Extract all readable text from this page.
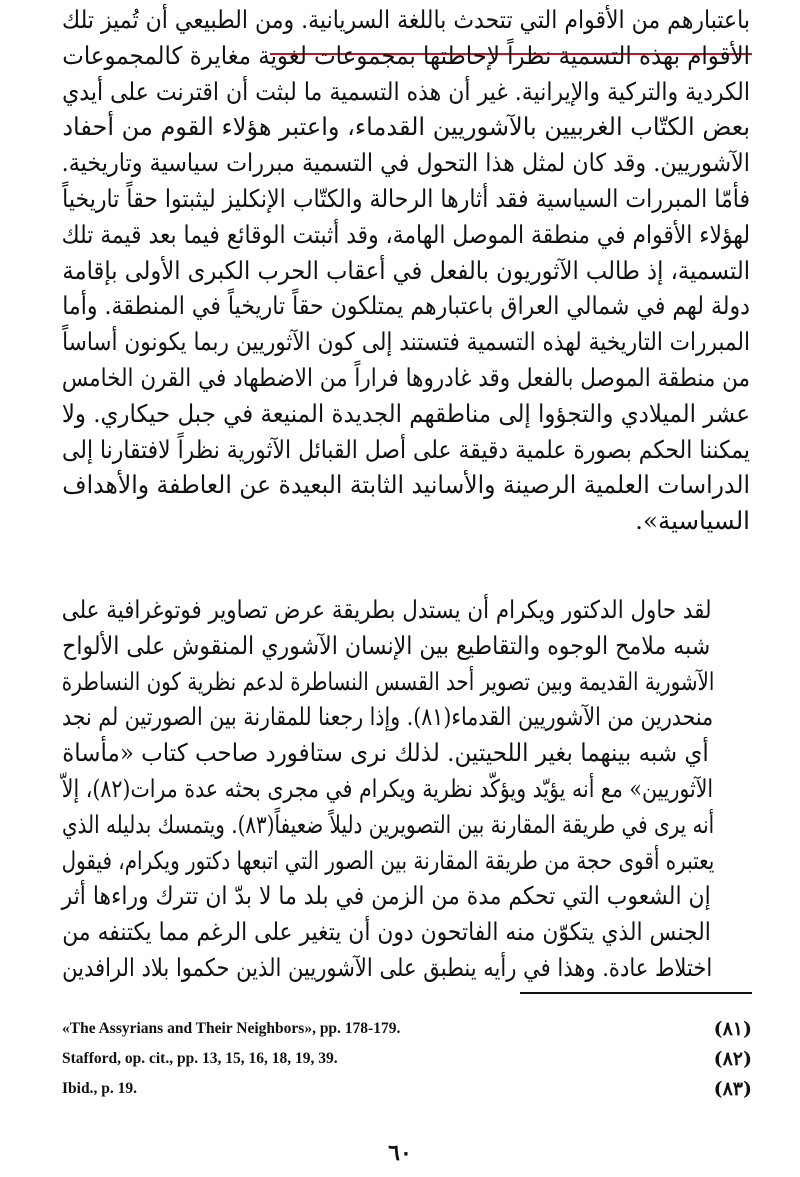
باعتبارهم من الأقوام التي تتحدث باللغة السريانية. ومن الطبيعي أن تُميز تلك
الأقوام بهذه التسمية نظراً لإحاطتها بمجموعات لغوية مغايرة كالمجموعات
الكردية والتركية والإيرانية. غير أن هذه التسمية ما لبثت أن اقترنت على أيدي
بعض الكتّاب الغربيين بالآشوريين القدماء، واعتبر هؤلاء القوم من أحفاد
الآشوريين. وقد كان لمثل هذا التحول في التسمية مبررات سياسية وتاريخية.
فأمّا المبررات السياسية فقد أثارها الرحالة والكتّاب الإنكليز ليثبتوا حقاً تاريخياً
لهؤلاء الأقوام في منطقة الموصل الهامة، وقد أثبتت الوقائع فيما بعد قيمة تلك
التسمية، إذ طالب الآثوريون بالفعل في أعقاب الحرب الكبرى الأولى بإقامة
دولة لهم في شمالي العراق باعتبارهم يمتلكون حقاً تاريخياً في المنطقة. وأما
المبررات التاريخية لهذه التسمية فتستند إلى كون الآثوريين ربما يكونون أساساً
من منطقة الموصل بالفعل وقد غادروها فراراً من الاضطهاد في القرن الخامس
عشر الميلادي والتجؤوا إلى مناطقهم الجديدة المنيعة في جبل حيكاري. ولا
يمكننا الحكم بصورة علمية دقيقة على أصل القبائل الآثورية نظراً لافتقارنا إلى
الدراسات العلمية الرصينة والأسانيد الثابتة البعيدة عن العاطفة والأهداف
السياسية».
لقد حاول الدكتور ويكرام أن يستدل بطريقة عرض تصاوير فوتوغرافية على
شبه ملامح الوجوه والتقاطيع بين الإنسان الآشوري المنقوش على الألواح
الآشورية القديمة وبين تصوير أحد القسس النساطرة لدعم نظرية كون النساطرة
منحدرين من الآشوريين القدماء(٨١). وإذا رجعنا للمقارنة بين الصورتين لم نجد
أي شبه بينهما بغير اللحيتين. لذلك نرى ستافورد صاحب كتاب «مأساة
الآثوريين» مع أنه يؤيّد ويؤكّد نظرية ويكرام في مجرى بحثه عدة مرات(٨٢)، إلاّ
أنه يرى في طريقة المقارنة بين التصويرين دليلاً ضعيفاً(٨٣). ويتمسك بدليله الذي
يعتبره أقوى حجة من طريقة المقارنة بين الصور التي اتبعها دكتور ويكرام، فيقول
إن الشعوب التي تحكم مدة من الزمن في بلد ما لا بدّ ان تترك وراءها أثر
الجنس الذي يتكوّن منه الفاتحون دون أن يتغير على الرغم مما يكتنفه من
اختلاط عادة. وهذا في رأيه ينطبق على الآشوريين الذين حكموا بلاد الرافدين
«The Assyrians and Their Neighbors», pp. 178-179.	(٨١)
Stafford, op. cit., pp. 13, 15, 16, 18, 19, 39.	(٨٢)
Ibid., p. 19.	(٨٣)
٦٠
